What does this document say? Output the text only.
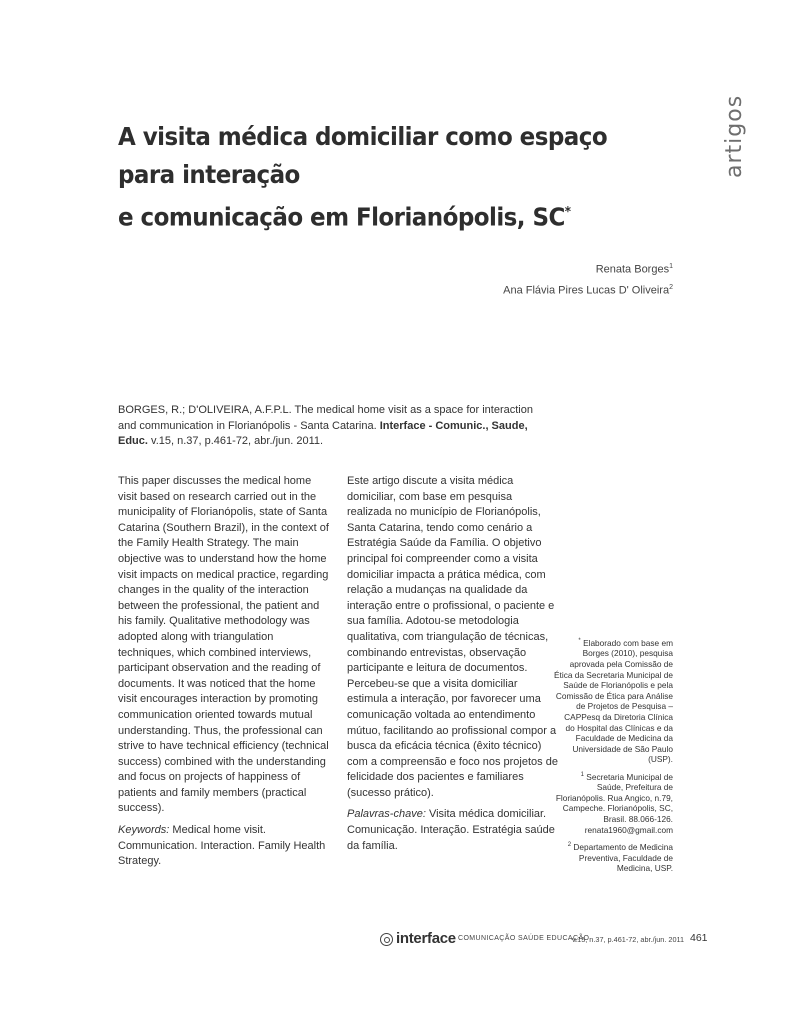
A visita médica domiciliar como espaço para interação
e comunicação em Florianópolis, SC*
artigos
Renata Borges$^1$
Ana Flávia Pires Lucas D' Oliveira$^2$
BORGES, R.; D'OLIVEIRA, A.F.P.L. The medical home visit as a space for interaction and communication in Florianópolis - Santa Catarina. Interface - Comunic., Saude, Educ. v.15, n.37, p.461-72, abr./jun. 2011.

This paper discusses the medical home visit based on research carried out in the municipality of Florianópolis, state of Santa Catarina (Southern Brazil), in the context of the Family Health Strategy. The main objective was to understand how the home visit impacts on medical practice, regarding changes in the quality of the interaction between the professional, the patient and his family. Qualitative methodology was adopted along with triangulation techniques, which combined interviews, participant observation and the reading of documents. It was noticed that the home visit encourages interaction by promoting communication oriented towards mutual understanding. Thus, the professional can strive to have technical efficiency (technical success) combined with the understanding and focus on projects of happiness of patients and family members (practical success).

Keywords: Medical home visit. Communication. Interaction. Family Health Strategy.

Este artigo discute a visita médica domiciliar, com base em pesquisa realizada no município de Florianópolis, Santa Catarina, tendo como cenário a Estratégia Saúde da Família. O objetivo principal foi compreender como a visita domiciliar impacta a prática médica, com relação a mudanças na qualidade da interação entre o profissional, o paciente e sua família. Adotou-se metodologia qualitativa, com triangulação de técnicas, combinando entrevistas, observação participante e leitura de documentos. Percebeu-se que a visita domiciliar estimula a interação, por favorecer uma comunicação voltada ao entendimento mútuo, facilitando ao profissional compor a busca da eficácia técnica (êxito técnico) com a compreensão e foco nos projetos de felicidade dos pacientes e familiares (sucesso prático).

Palavras-chave: Visita médica domiciliar. Comunicação. Interação. Estratégia saúde da família.

* Elaborado com base em Borges (2010), pesquisa aprovada pela Comissão de Ética da Secretaria Municipal de Saúde de Florianópolis e pela Comissão de Ética para Análise de Projetos de Pesquisa – CAPPesq da Diretoria Clínica do Hospital das Clínicas e da Faculdade de Medicina da Universidade de São Paulo (USP).
$^1$ Secretaria Municipal de Saúde, Prefeitura de Florianópolis. Rua Angico, n.79, Campeche. Florianópolis, SC, Brasil. 88.066-126.
renata1960@gmail.com
$^2$ Departamento de Medicina Preventiva, Faculdade de Medicina, USP.
interface COMUNICAÇÃO SAÚDE EDUCAÇÃO
v.15, n.37, p.461-72, abr./jun. 2011 461
